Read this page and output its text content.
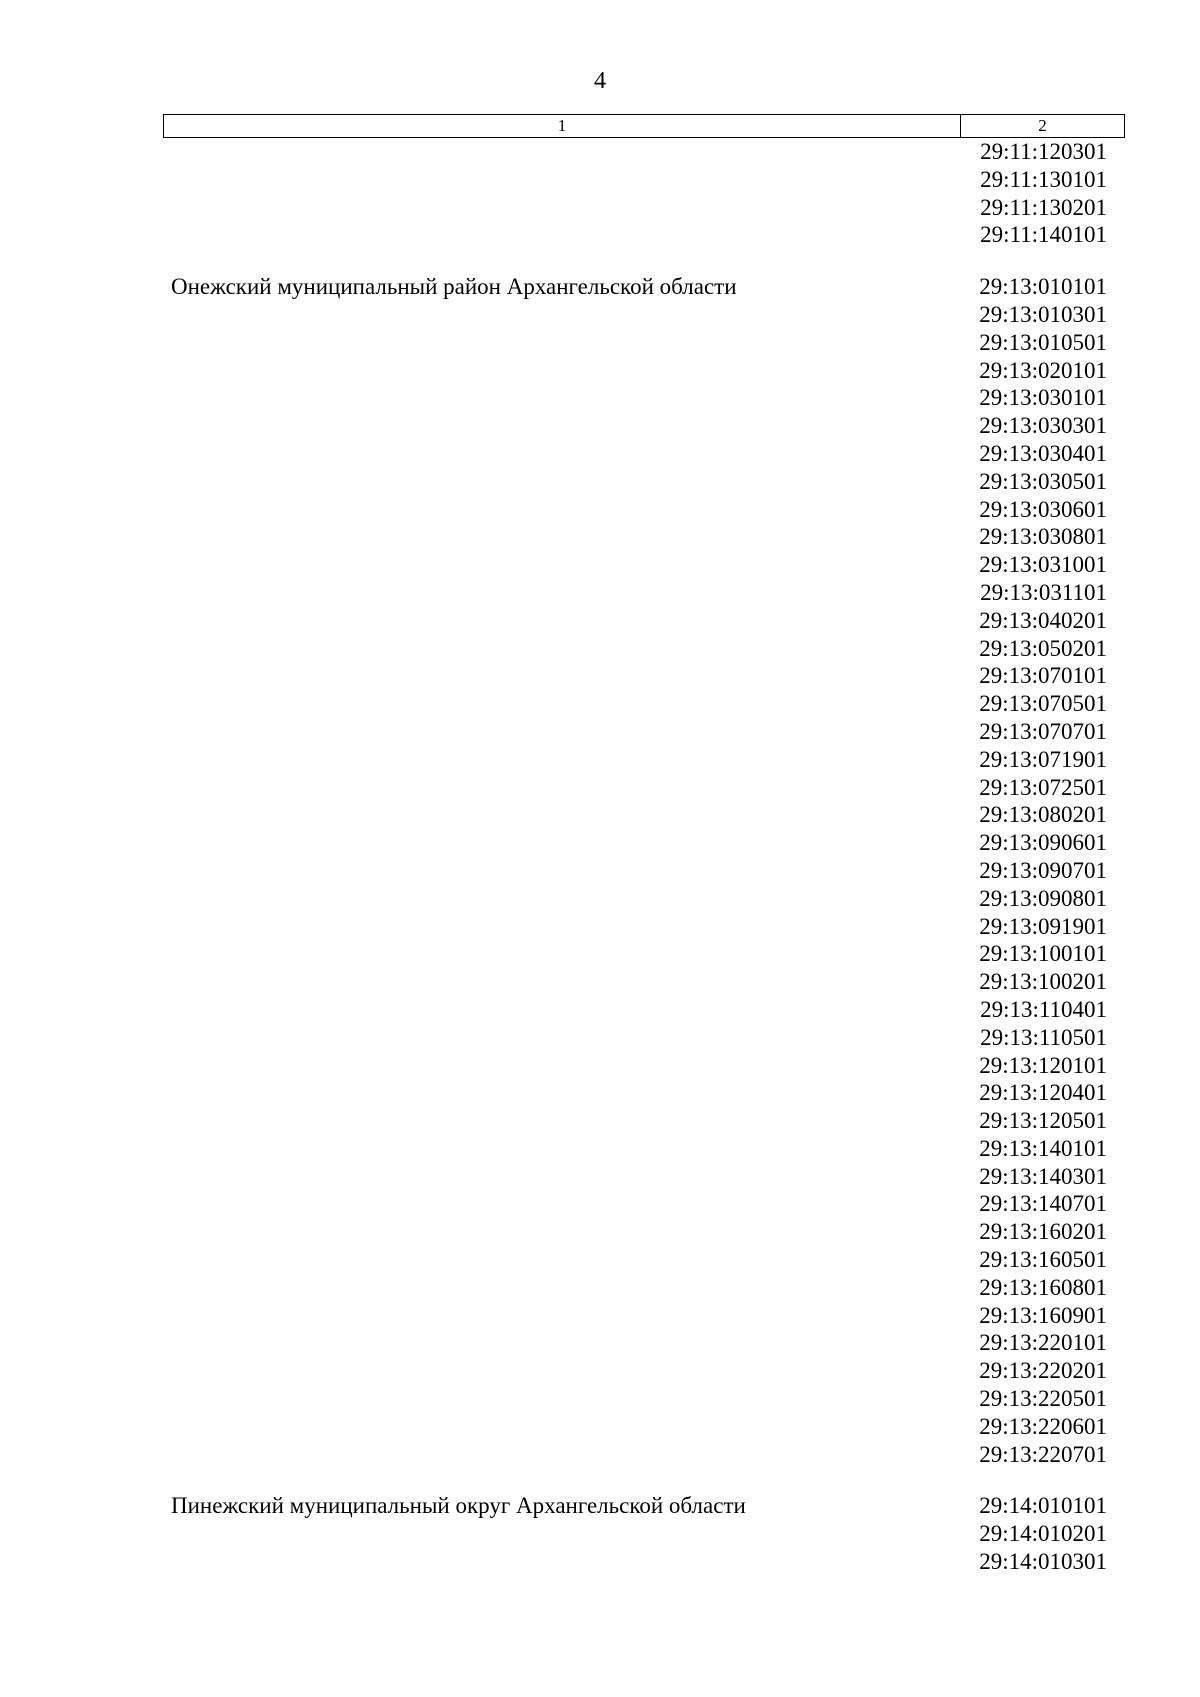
4
1	2
29:11:120301
29:11:130101
29:11:130201
29:11:140101
Онежский муниципальный район Архангельской области	29:13:010101
29:13:010301
29:13:010501
29:13:020101
29:13:030101
29:13:030301
29:13:030401
29:13:030501
29:13:030601
29:13:030801
29:13:031001
29:13:031101
29:13:040201
29:13:050201
29:13:070101
29:13:070501
29:13:070701
29:13:071901
29:13:072501
29:13:080201
29:13:090601
29:13:090701
29:13:090801
29:13:091901
29:13:100101
29:13:100201
29:13:110401
29:13:110501
29:13:120101
29:13:120401
29:13:120501
29:13:140101
29:13:140301
29:13:140701
29:13:160201
29:13:160501
29:13:160801
29:13:160901
29:13:220101
29:13:220201
29:13:220501
29:13:220601
29:13:220701
Пинежский муниципальный округ Архангельской области	29:14:010101
29:14:010201
29:14:010301
